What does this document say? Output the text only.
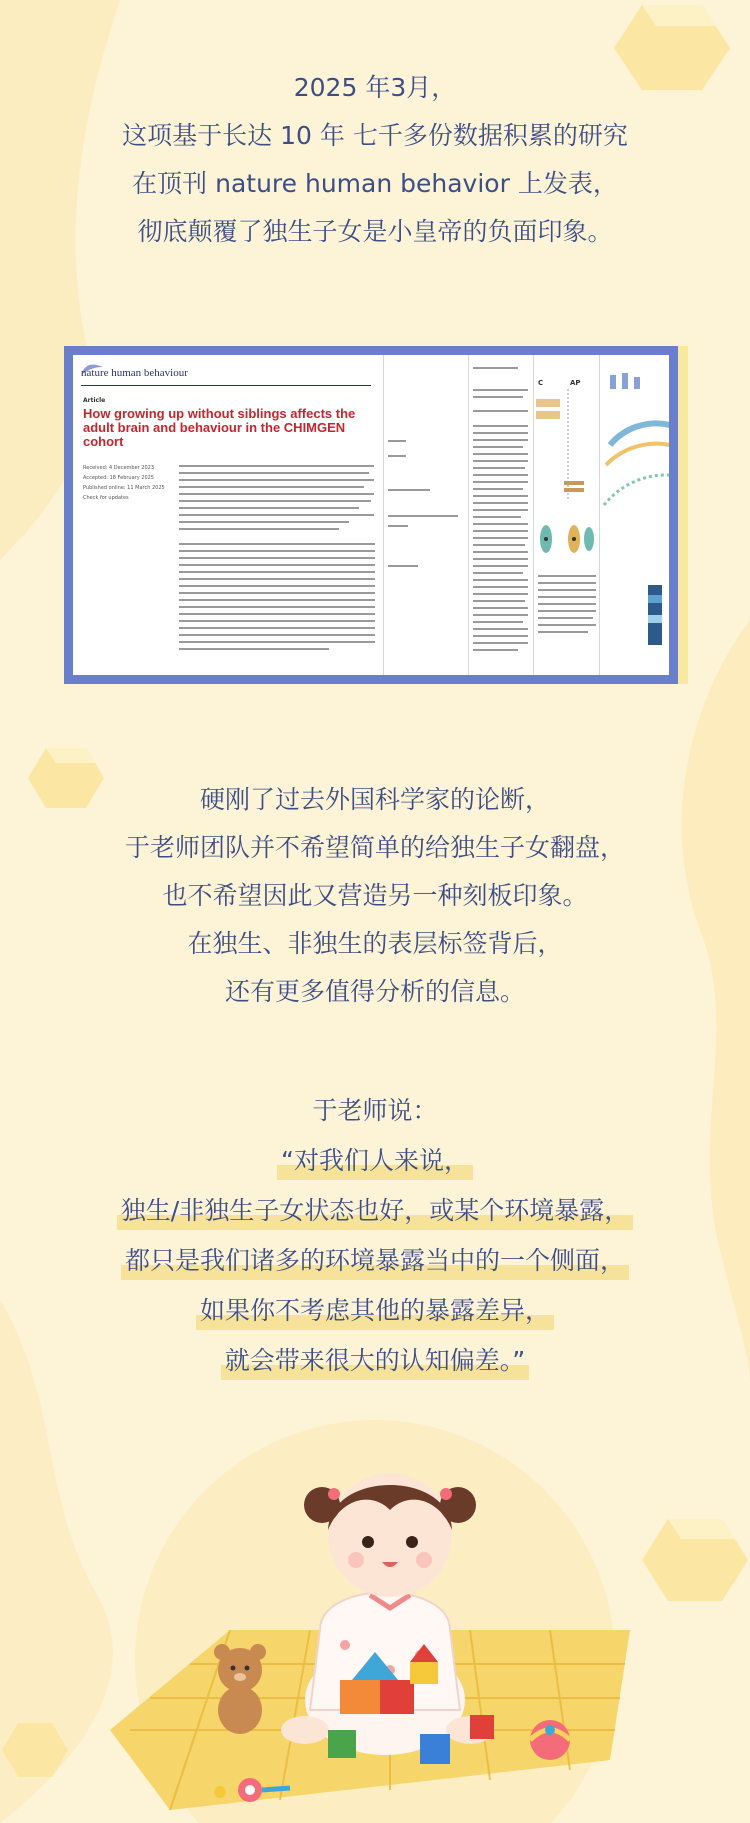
2025 年3月，
这项基于长达 10 年 七千多份数据积累的研究
在顶刊 nature human behavior 上发表，
彻底颠覆了独生子女是小皇帝的负面印象。
nature human behaviour
Article
How growing up without siblings affects the adult brain and behaviour in the CHIMGEN cohort
Received: 4 December 2023
Accepted: 18 February 2025
Published online: 11 March 2025
Check for updates
C	AP
硬刚了过去外国科学家的论断，
于老师团队并不希望简单的给独生子女翻盘，
也不希望因此又营造另一种刻板印象。
在独生、非独生的表层标签背后，
还有更多值得分析的信息。
于老师说：
“对我们人来说，
独生/非独生子女状态也好，或某个环境暴露，
都只是我们诸多的环境暴露当中的一个侧面，
如果你不考虑其他的暴露差异，
就会带来很大的认知偏差。”
